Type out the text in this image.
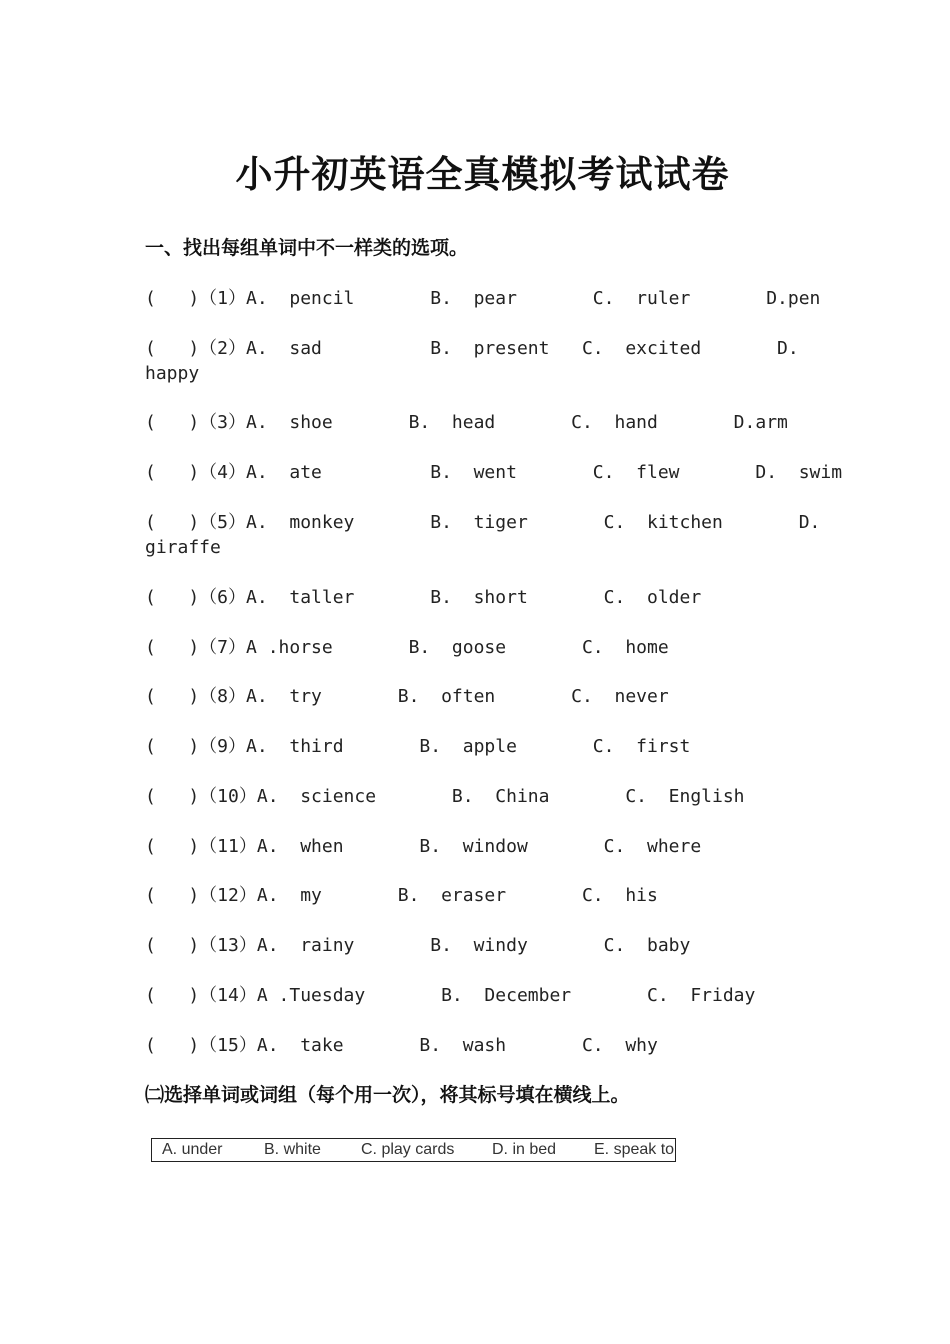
小升初英语全真模拟考试试卷
一、找出每组单词中不一样类的选项。
(   )（1）A.  pencil       B.  pear       C.  ruler       D.pen
(   )（2）A.  sad          B.  present   C.  excited       D.
happy
(   )（3）A.  shoe       B.  head       C.  hand       D.arm
(   )（4）A.  ate          B.  went       C.  flew       D.  swim
(   )（5）A.  monkey       B.  tiger       C.  kitchen       D.
giraffe
(   )（6）A.  taller       B.  short       C.  older
(   )（7）A .horse       B.  goose       C.  home
(   )（8）A.  try       B.  often       C.  never
(   )（9）A.  third       B.  apple       C.  first
(   )（10）A.  science       B.  China       C.  English
(   )（11）A.  when       B.  window       C.  where
(   )（12）A.  my       B.  eraser       C.  his
(   )（13）A.  rainy       B.  windy       C.  baby
(   )（14）A .Tuesday       B.  December       C.  Friday
(   )（15）A.  take       B.  wash       C.  why
㈡选择单词或词组（每个用一次），将其标号填在横线上。
A. under	B. white	C. play cards D. in bed E. speak to
